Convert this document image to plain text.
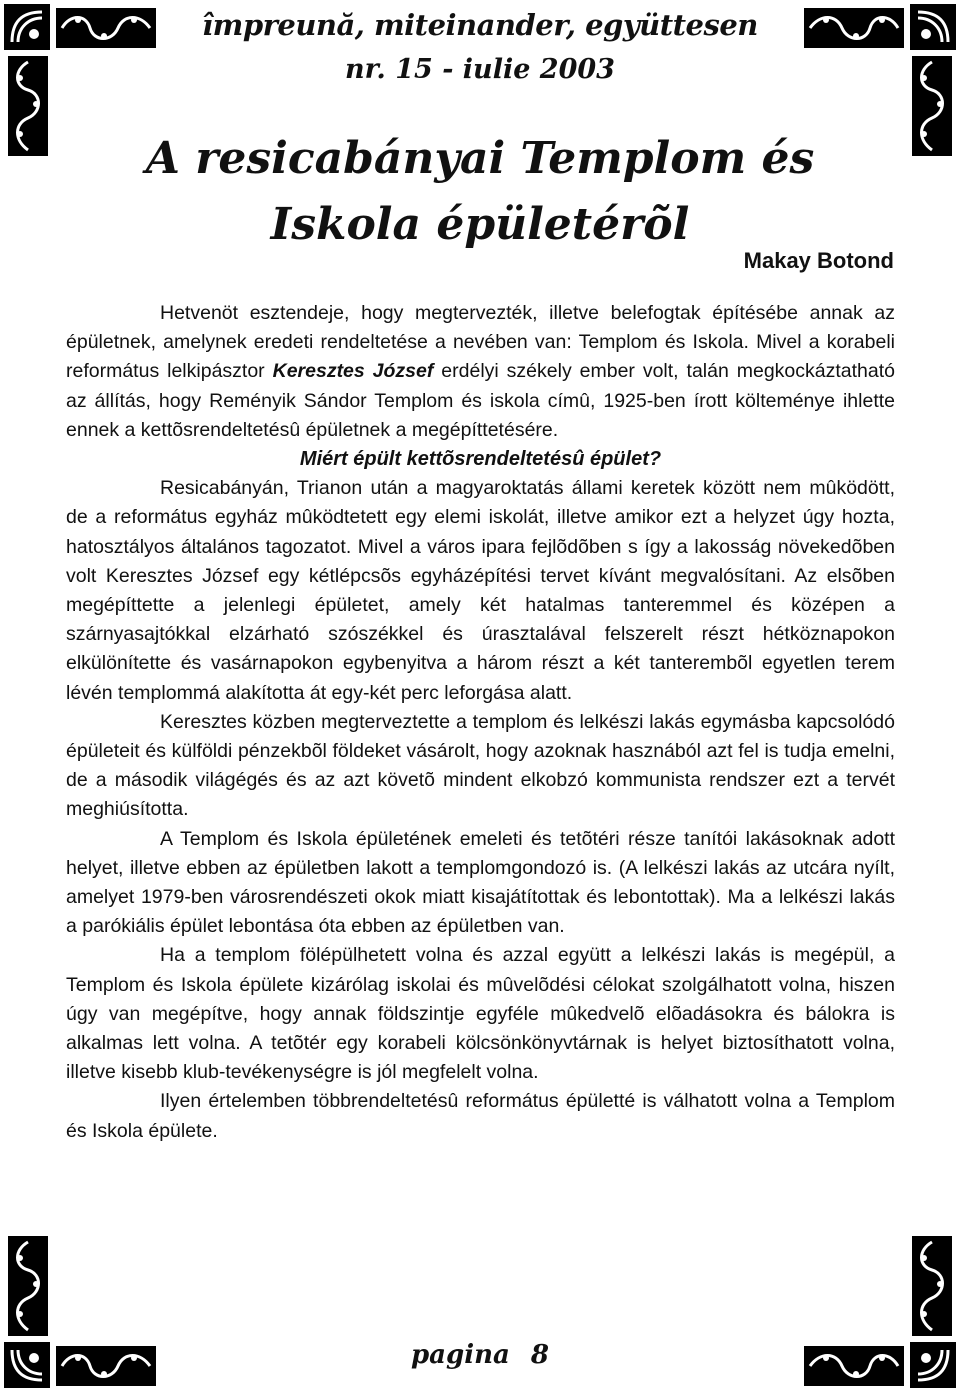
împreună, miteinander, együttesen
nr. 15 - iulie 2003
A resicabányai Templom és
Iskola épületérõl
Makay Botond

Hetvenöt esztendeje, hogy megtervezték, illetve belefogtak építésébe annak az épületnek, amelynek eredeti rendeltetése a nevében van: Templom és Iskola. Mivel a korabeli református lelkipásztor Keresztes József erdélyi székely ember volt, talán megkockáztatható az állítás, hogy Reményik Sándor Templom és iskola címû, 1925-ben írott költeménye ihlette ennek a kettõsrendeltetésû épületnek a megépíttetésére.

Miért épült kettõsrendeltetésû épület?

Resicabányán, Trianon után a magyaroktatás állami keretek között nem mûködött, de a református egyház mûködtetett egy elemi iskolát, illetve amikor ezt a helyzet úgy hozta, hatosztályos általános tagozatot. Mivel a város ipara fejlõdõben s így a lakosság növekedõben volt Keresztes József egy kétlépcsõs egyházépítési tervet kívánt megvalósítani. Az elsõben megépíttette a jelenlegi épületet, amely két hatalmas tanteremmel és középen a szárnyasajtókkal elzárható szószékkel és úrasztalával felszerelt részt hétköznapokon elkülönítette és vasárnapokon egybenyitva a három részt a két tanterembõl egyetlen terem lévén templommá alakította át egy-két perc leforgása alatt.

Keresztes közben megterveztette a templom és lelkészi lakás egymásba kapcsolódó épületeit és külföldi pénzekbõl földeket vásárolt, hogy azoknak hasznából azt fel is tudja emelni, de a második világégés és az azt követõ mindent elkobzó kommunista rendszer ezt a tervét meghiúsította.

A Templom és Iskola épületének emeleti és tetõtéri része tanítói lakásoknak adott helyet, illetve ebben az épületben lakott a templomgondozó is. (A lelkészi lakás az utcára nyílt, amelyet 1979-ben városrendészeti okok miatt kisajátítottak és lebontottak). Ma a lelkészi lakás a parókiális épület lebontása óta ebben az épületben van.

Ha a templom fölépülhetett volna és azzal együtt a lelkészi lakás is megépül, a Templom és Iskola épülete kizárólag iskolai és mûvelõdési célokat szolgálhatott volna, hiszen úgy van megépítve, hogy annak földszintje egyféle mûkedvelõ elõadásokra és bálokra is alkalmas lett volna. A tetõtér egy korabeli kölcsönkönyvtárnak is helyet biztosíthatott volna, illetve kisebb klub-tevékenységre is jól megfelelt volna.

Ilyen értelemben többrendeltetésû református épületté is válhatott volna a Templom és Iskola épülete.

pagina 8
